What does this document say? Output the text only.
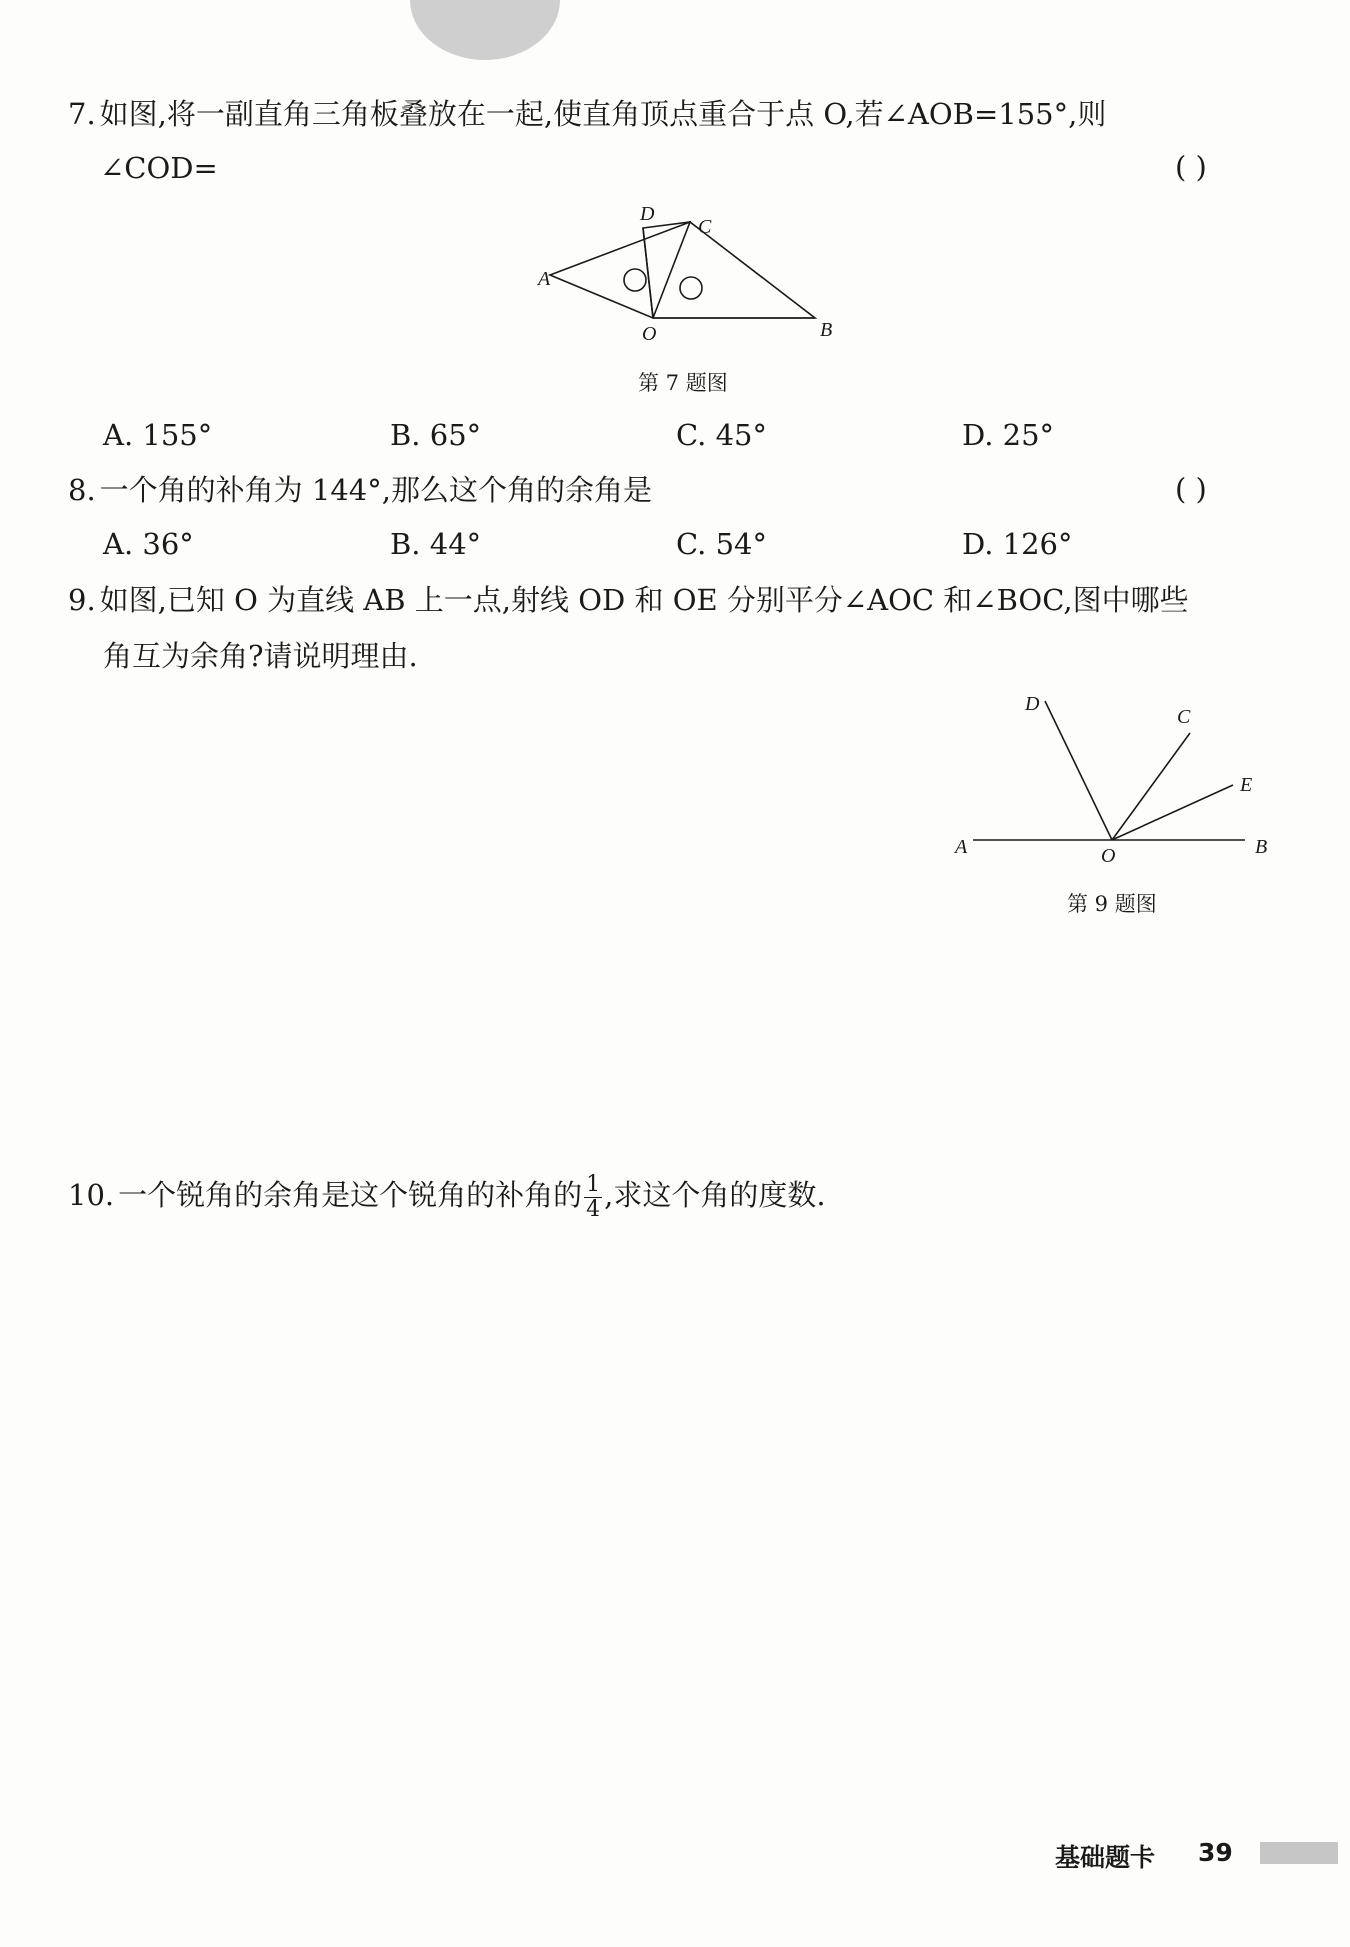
7. 如图,将一副直角三角板叠放在一起,使直角顶点重合于点 O,若∠AOB=155°,则
∠COD=	( )
A
B
C
D
O
第 7 题图
A. 155°	B. 65°	C. 45°	D. 25°
8. 一个角的补角为 144°,那么这个角的余角是	( )
A. 36°	B. 44°	C. 54°	D. 126°
9. 如图,已知 O 为直线 AB 上一点,射线 OD 和 OE 分别平分∠AOC 和∠BOC,图中哪些
角互为余角?请说明理由.
A	B
C
D
E
O
第 9 题图
10. 一个锐角的余角是这个锐角的补角的 $\frac{1}{4}$ ,求这个角的度数.
基础题卡 39
